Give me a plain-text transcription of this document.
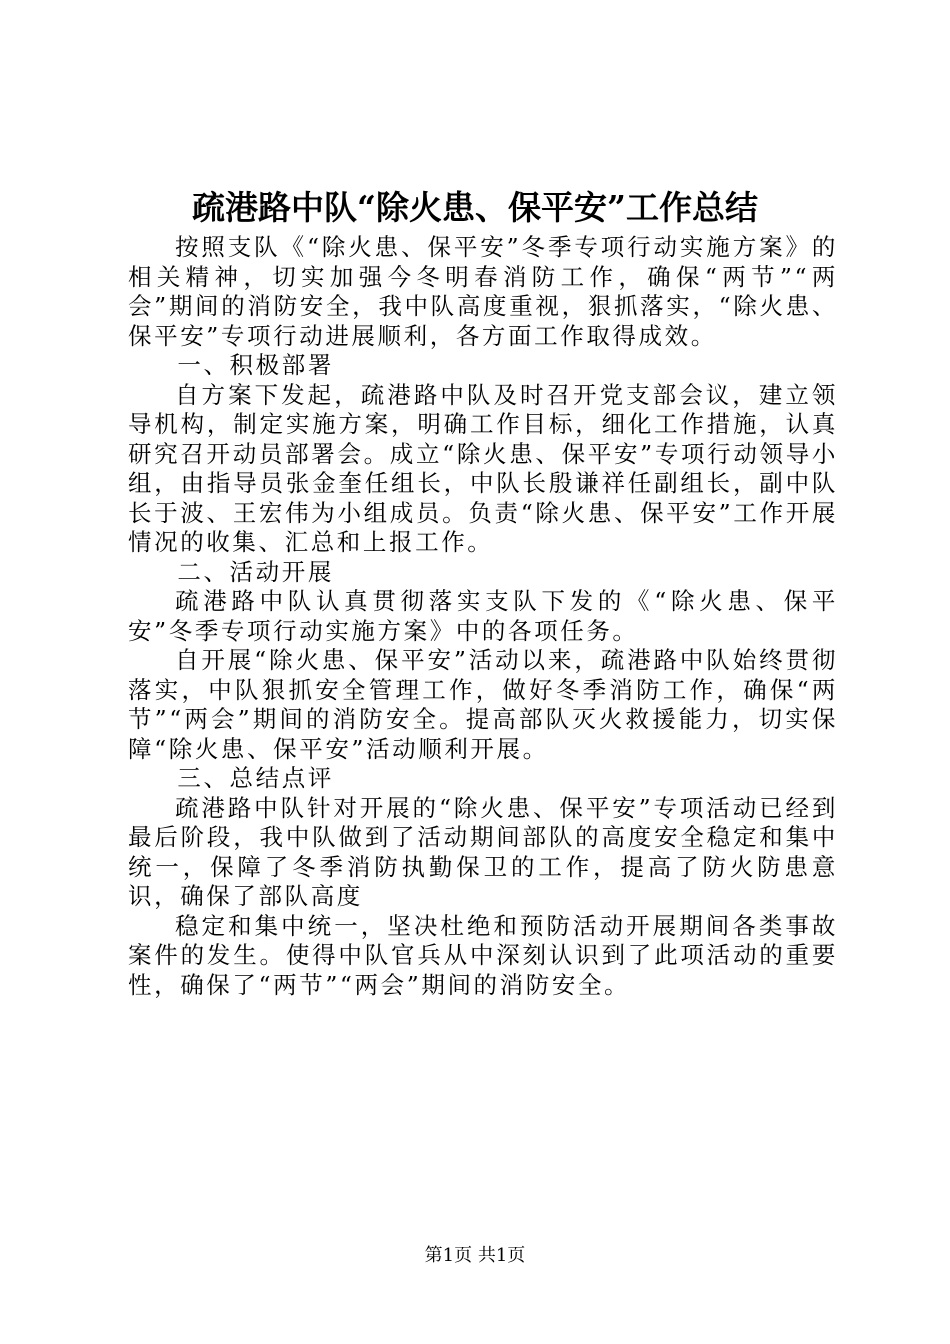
疏港路中队“除火患、保平安”工作总结

按照支队《“除火患、保平安”冬季专项行动实施方案》的相关精神，切实加强今冬明春消防工作，确保“两节”“两会”期间的消防安全，我中队高度重视，狠抓落实，“除火患、保平安”专项行动进展顺利，各方面工作取得成效。

一、积极部署

自方案下发起，疏港路中队及时召开党支部会议，建立领导机构，制定实施方案，明确工作目标，细化工作措施，认真研究召开动员部署会。成立“除火患、保平安”专项行动领导小组，由指导员张金奎任组长，中队长殷谦祥任副组长，副中队长于波、王宏伟为小组成员。负责“除火患、保平安”工作开展情况的收集、汇总和上报工作。

二、活动开展

疏港路中队认真贯彻落实支队下发的《“除火患、保平安”冬季专项行动实施方案》中的各项任务。

自开展“除火患、保平安”活动以来，疏港路中队始终贯彻落实，中队狠抓安全管理工作，做好冬季消防工作，确保“两节”“两会”期间的消防安全。提高部队灭火救援能力，切实保障“除火患、保平安”活动顺利开展。

三、总结点评

疏港路中队针对开展的“除火患、保平安”专项活动已经到最后阶段，我中队做到了活动期间部队的高度安全稳定和集中统一，保障了冬季消防执勤保卫的工作，提高了防火防患意识，确保了部队高度

稳定和集中统一，坚决杜绝和预防活动开展期间各类事故案件的发生。使得中队官兵从中深刻认识到了此项活动的重要性，确保了“两节”“两会”期间的消防安全。

第1页 共1页
